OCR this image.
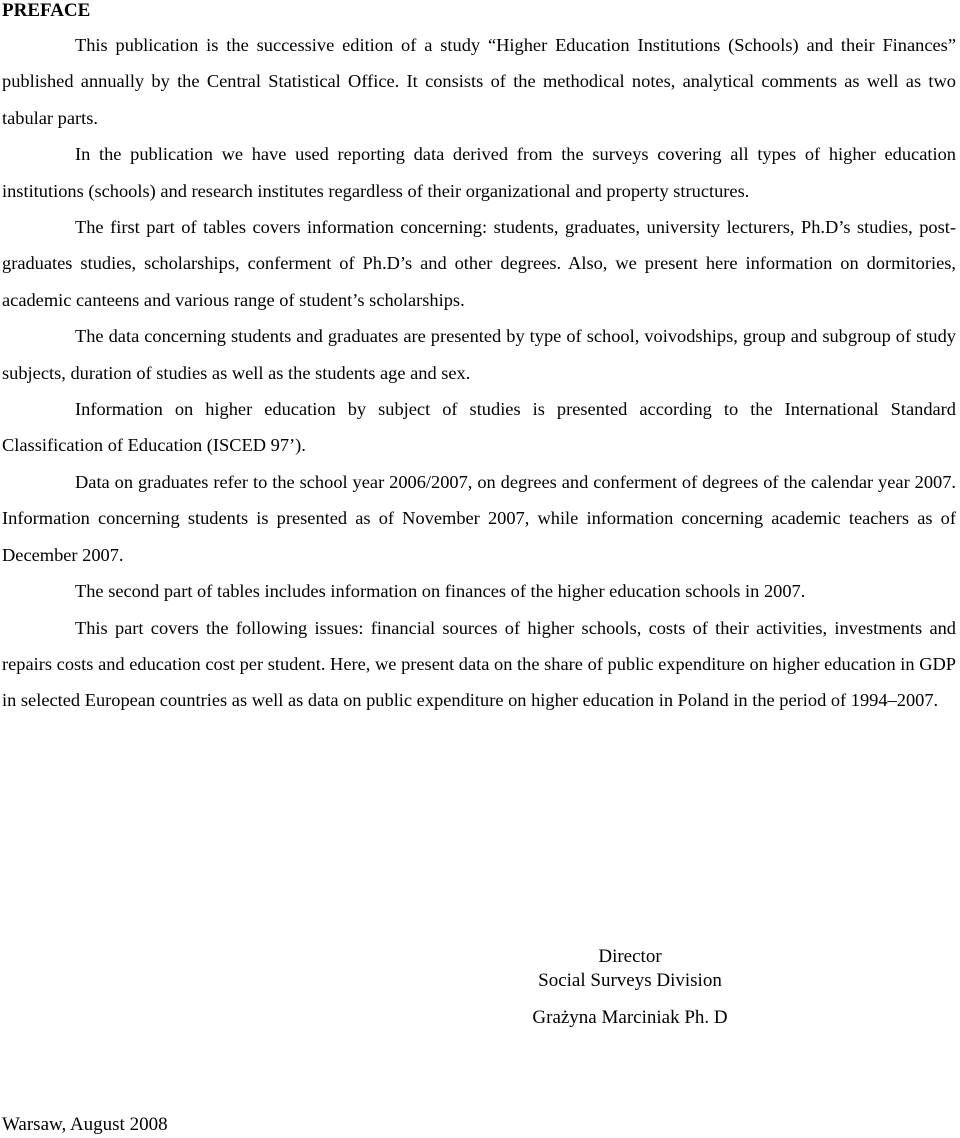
PREFACE

This publication is the successive edition of a study “Higher Education Institutions (Schools) and their Finances” published annually by the Central Statistical Office. It consists of the methodical notes, analytical comments as well as two tabular parts.

In the publication we have used reporting data derived from the surveys covering all types of higher education institutions (schools) and research institutes regardless of their organizational and property structures.

The first part of tables covers information concerning: students, graduates, university lecturers, Ph.D’s studies, post-graduates studies, scholarships, conferment of Ph.D’s and other degrees. Also, we present here information on dormitories, academic canteens and various range of student’s scholarships.

The data concerning students and graduates are presented by type of school, voivodships, group and subgroup of study subjects, duration of studies as well as the students age and sex.

Information on higher education by subject of studies is presented according to the International Standard Classification of Education (ISCED 97’).

Data on graduates refer to the school year 2006/2007, on degrees and conferment of degrees of the calendar year 2007. Information concerning students is presented as of November 2007, while information concerning academic teachers as of December 2007.

The second part of tables includes information on finances of the higher education schools in 2007.

This part covers the following issues: financial sources of higher schools, costs of their activities, investments and repairs costs and education cost per student. Here, we present data on the share of public expenditure on higher education in GDP in selected European countries as well as data on public expenditure on higher education in Poland in the period of 1994–2007.

Director
Social Surveys Division
Grażyna Marciniak Ph. D
Warsaw, August 2008
